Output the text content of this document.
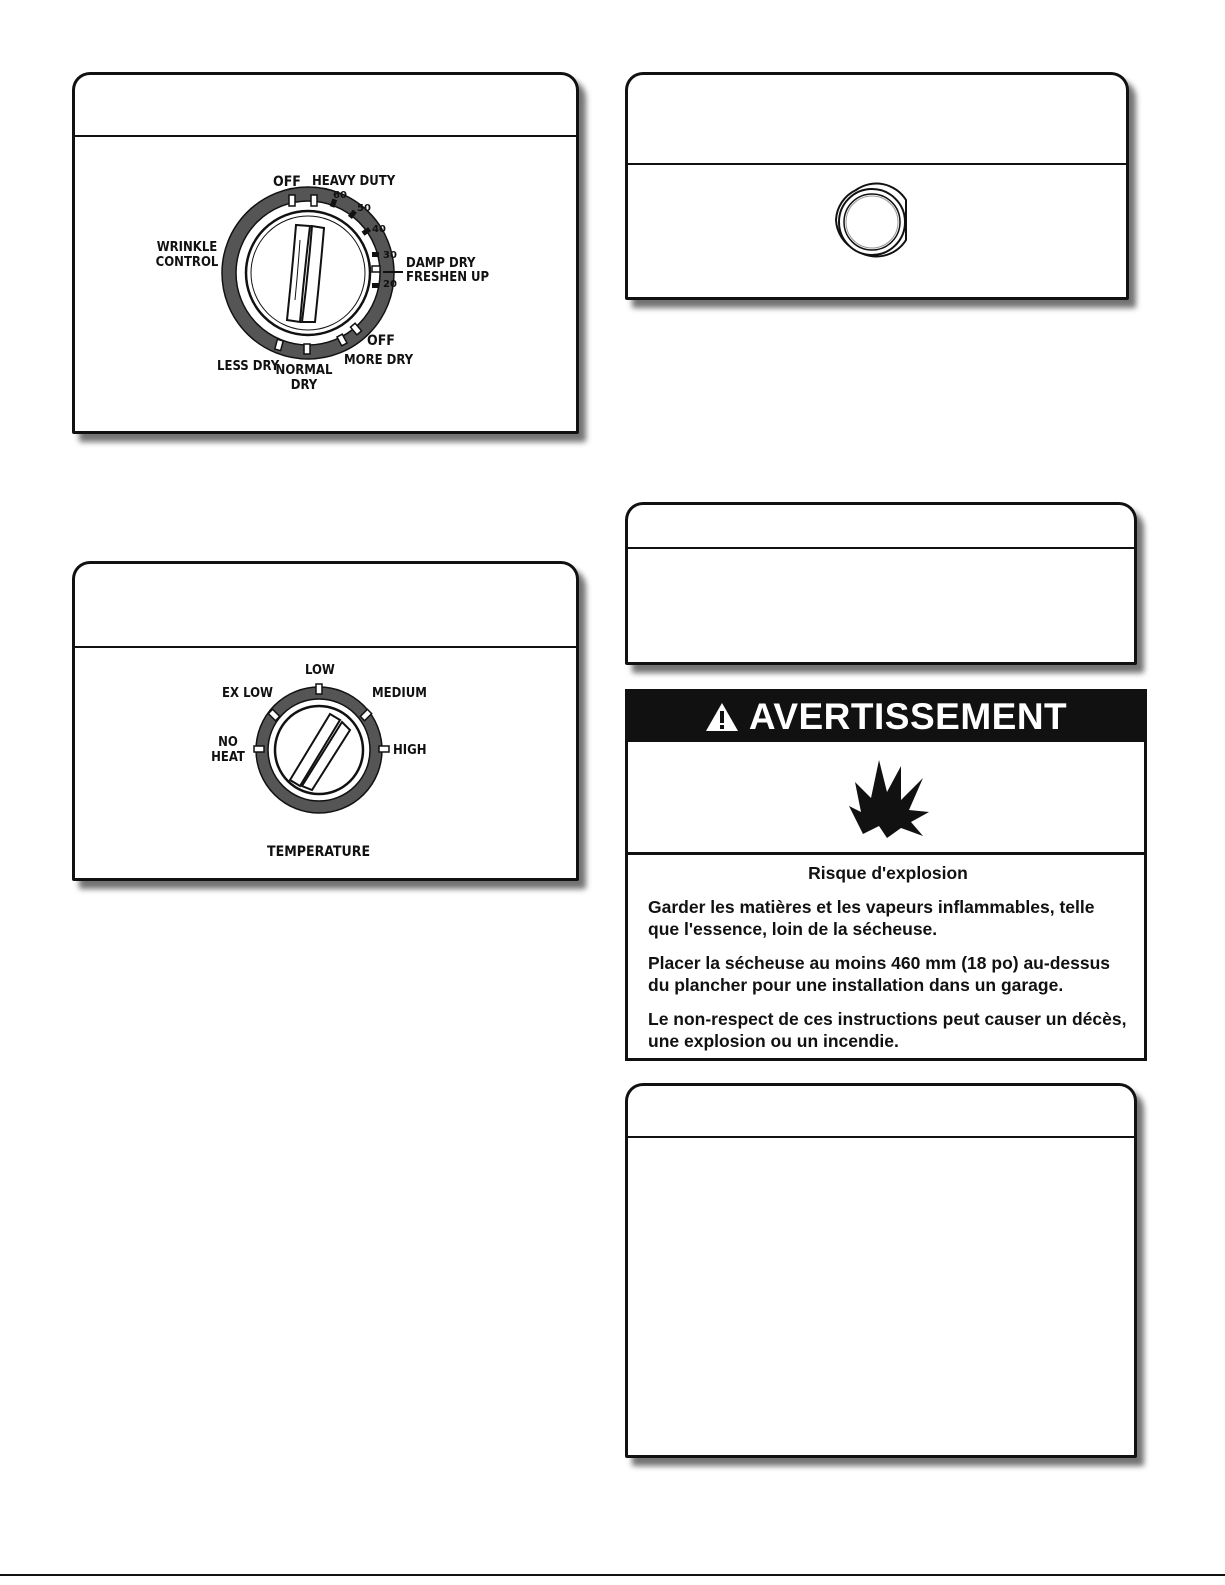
OFF HEAVY DUTY
60
50
40
30
20
DAMP DRY
FRESHEN UP
WRINKLE
CONTROL
OFF
MORE DRY
NORMAL
DRY
LESS DRY
LOW
EX LOW	MEDIUM
NO
HEAT	HIGH
TEMPERATURE
AVERTISSEMENT
Risque d'explosion

Garder les matières et les vapeurs inflammables, telle que l'essence, loin de la sécheuse.

Placer la sécheuse au moins 460 mm (18 po) au-dessus du plancher pour une installation dans un garage.

Le non-respect de ces instructions peut causer un décès, une explosion ou un incendie.
